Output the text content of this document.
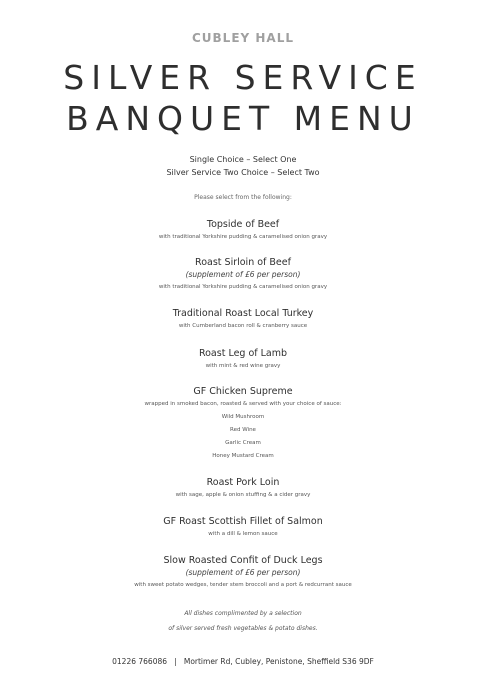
CUBLEY HALL
SILVER SERVICE
BANQUET MENU
Single Choice – Select One
Silver Service Two Choice – Select Two
Please select from the following:
Topside of Beef
with traditional Yorkshire pudding & caramelised onion gravy
Roast Sirloin of Beef
(supplement of £6 per person)
with traditional Yorkshire pudding & caramelised onion gravy
Traditional Roast Local Turkey
with Cumberland bacon roll & cranberry sauce
Roast Leg of Lamb
with mint & red wine gravy
GF Chicken Supreme
wrapped in smoked bacon, roasted & served with your choice of sauce:
Wild Mushroom
Red Wine
Garlic Cream
Honey Mustard Cream
Roast Pork Loin
with sage, apple & onion stuffing & a cider gravy
GF Roast Scottish Fillet of Salmon
with a dill & lemon sauce
Slow Roasted Confit of Duck Legs
(supplement of £6 per person)
with sweet potato wedges, tender stem broccoli and a port & redcurrant sauce
All dishes complimented by a selection
of silver served fresh vegetables & potato dishes.
01226 766086   |   Mortimer Rd, Cubley, Penistone, Sheffield S36 9DF
